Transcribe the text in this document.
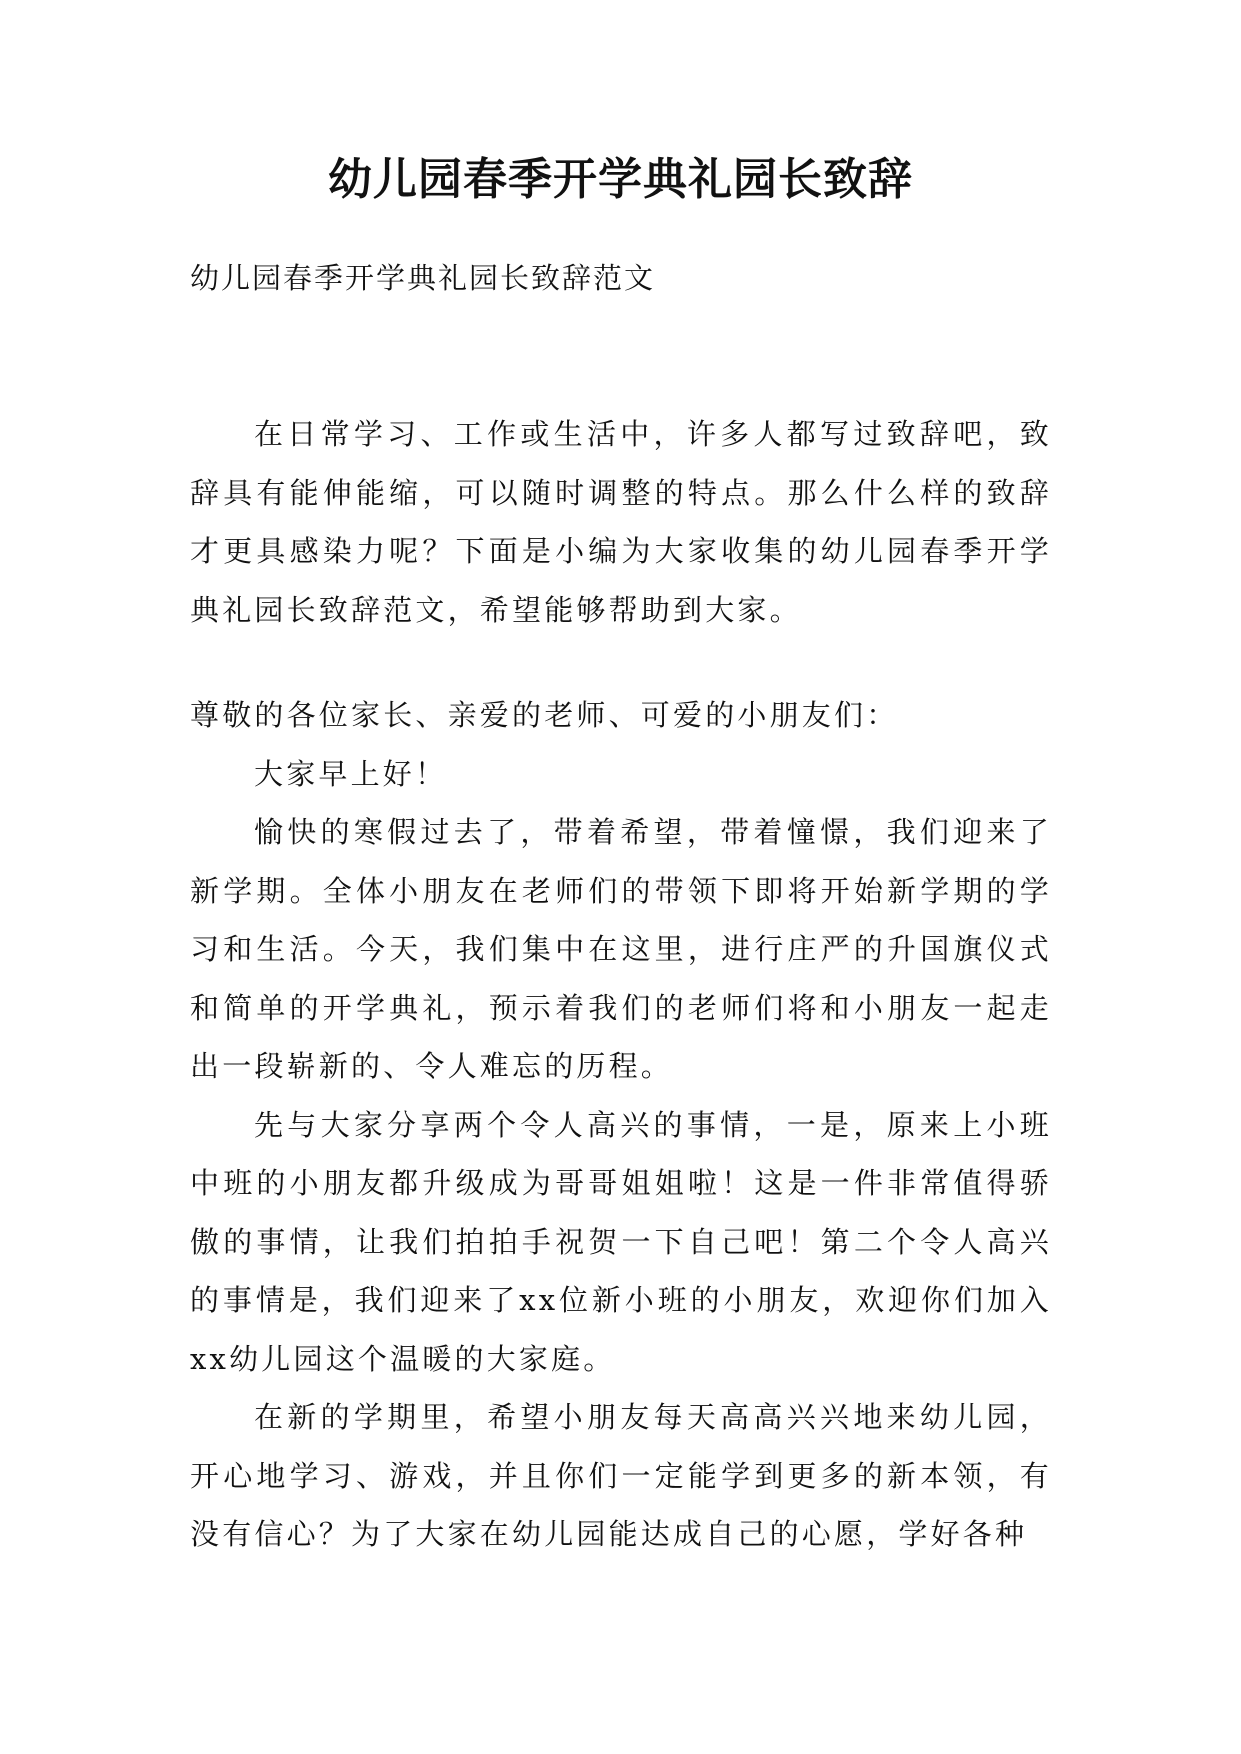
幼儿园春季开学典礼园长致辞
幼儿园春季开学典礼园长致辞范文

在日常学习、工作或生活中，许多人都写过致辞吧，致辞具有能伸能缩，可以随时调整的特点。那么什么样的致辞才更具感染力呢？下面是小编为大家收集的幼儿园春季开学典礼园长致辞范文，希望能够帮助到大家。

尊敬的各位家长、亲爱的老师、可爱的小朋友们：

大家早上好！

愉快的寒假过去了，带着希望，带着憧憬，我们迎来了新学期。全体小朋友在老师们的带领下即将开始新学期的学习和生活。今天，我们集中在这里，进行庄严的升国旗仪式和简单的开学典礼，预示着我们的老师们将和小朋友一起走出一段崭新的、令人难忘的历程。

先与大家分享两个令人高兴的事情，一是，原来上小班中班的小朋友都升级成为哥哥姐姐啦！这是一件非常值得骄傲的事情，让我们拍拍手祝贺一下自己吧！第二个令人高兴的事情是，我们迎来了xx位新小班的小朋友，欢迎你们加入xx幼儿园这个温暖的大家庭。

在新的学期里，希望小朋友每天高高兴兴地来幼儿园，开心地学习、游戏，并且你们一定能学到更多的新本领，有没有信心？为了大家在幼儿园能达成自己的心愿，学好各种
